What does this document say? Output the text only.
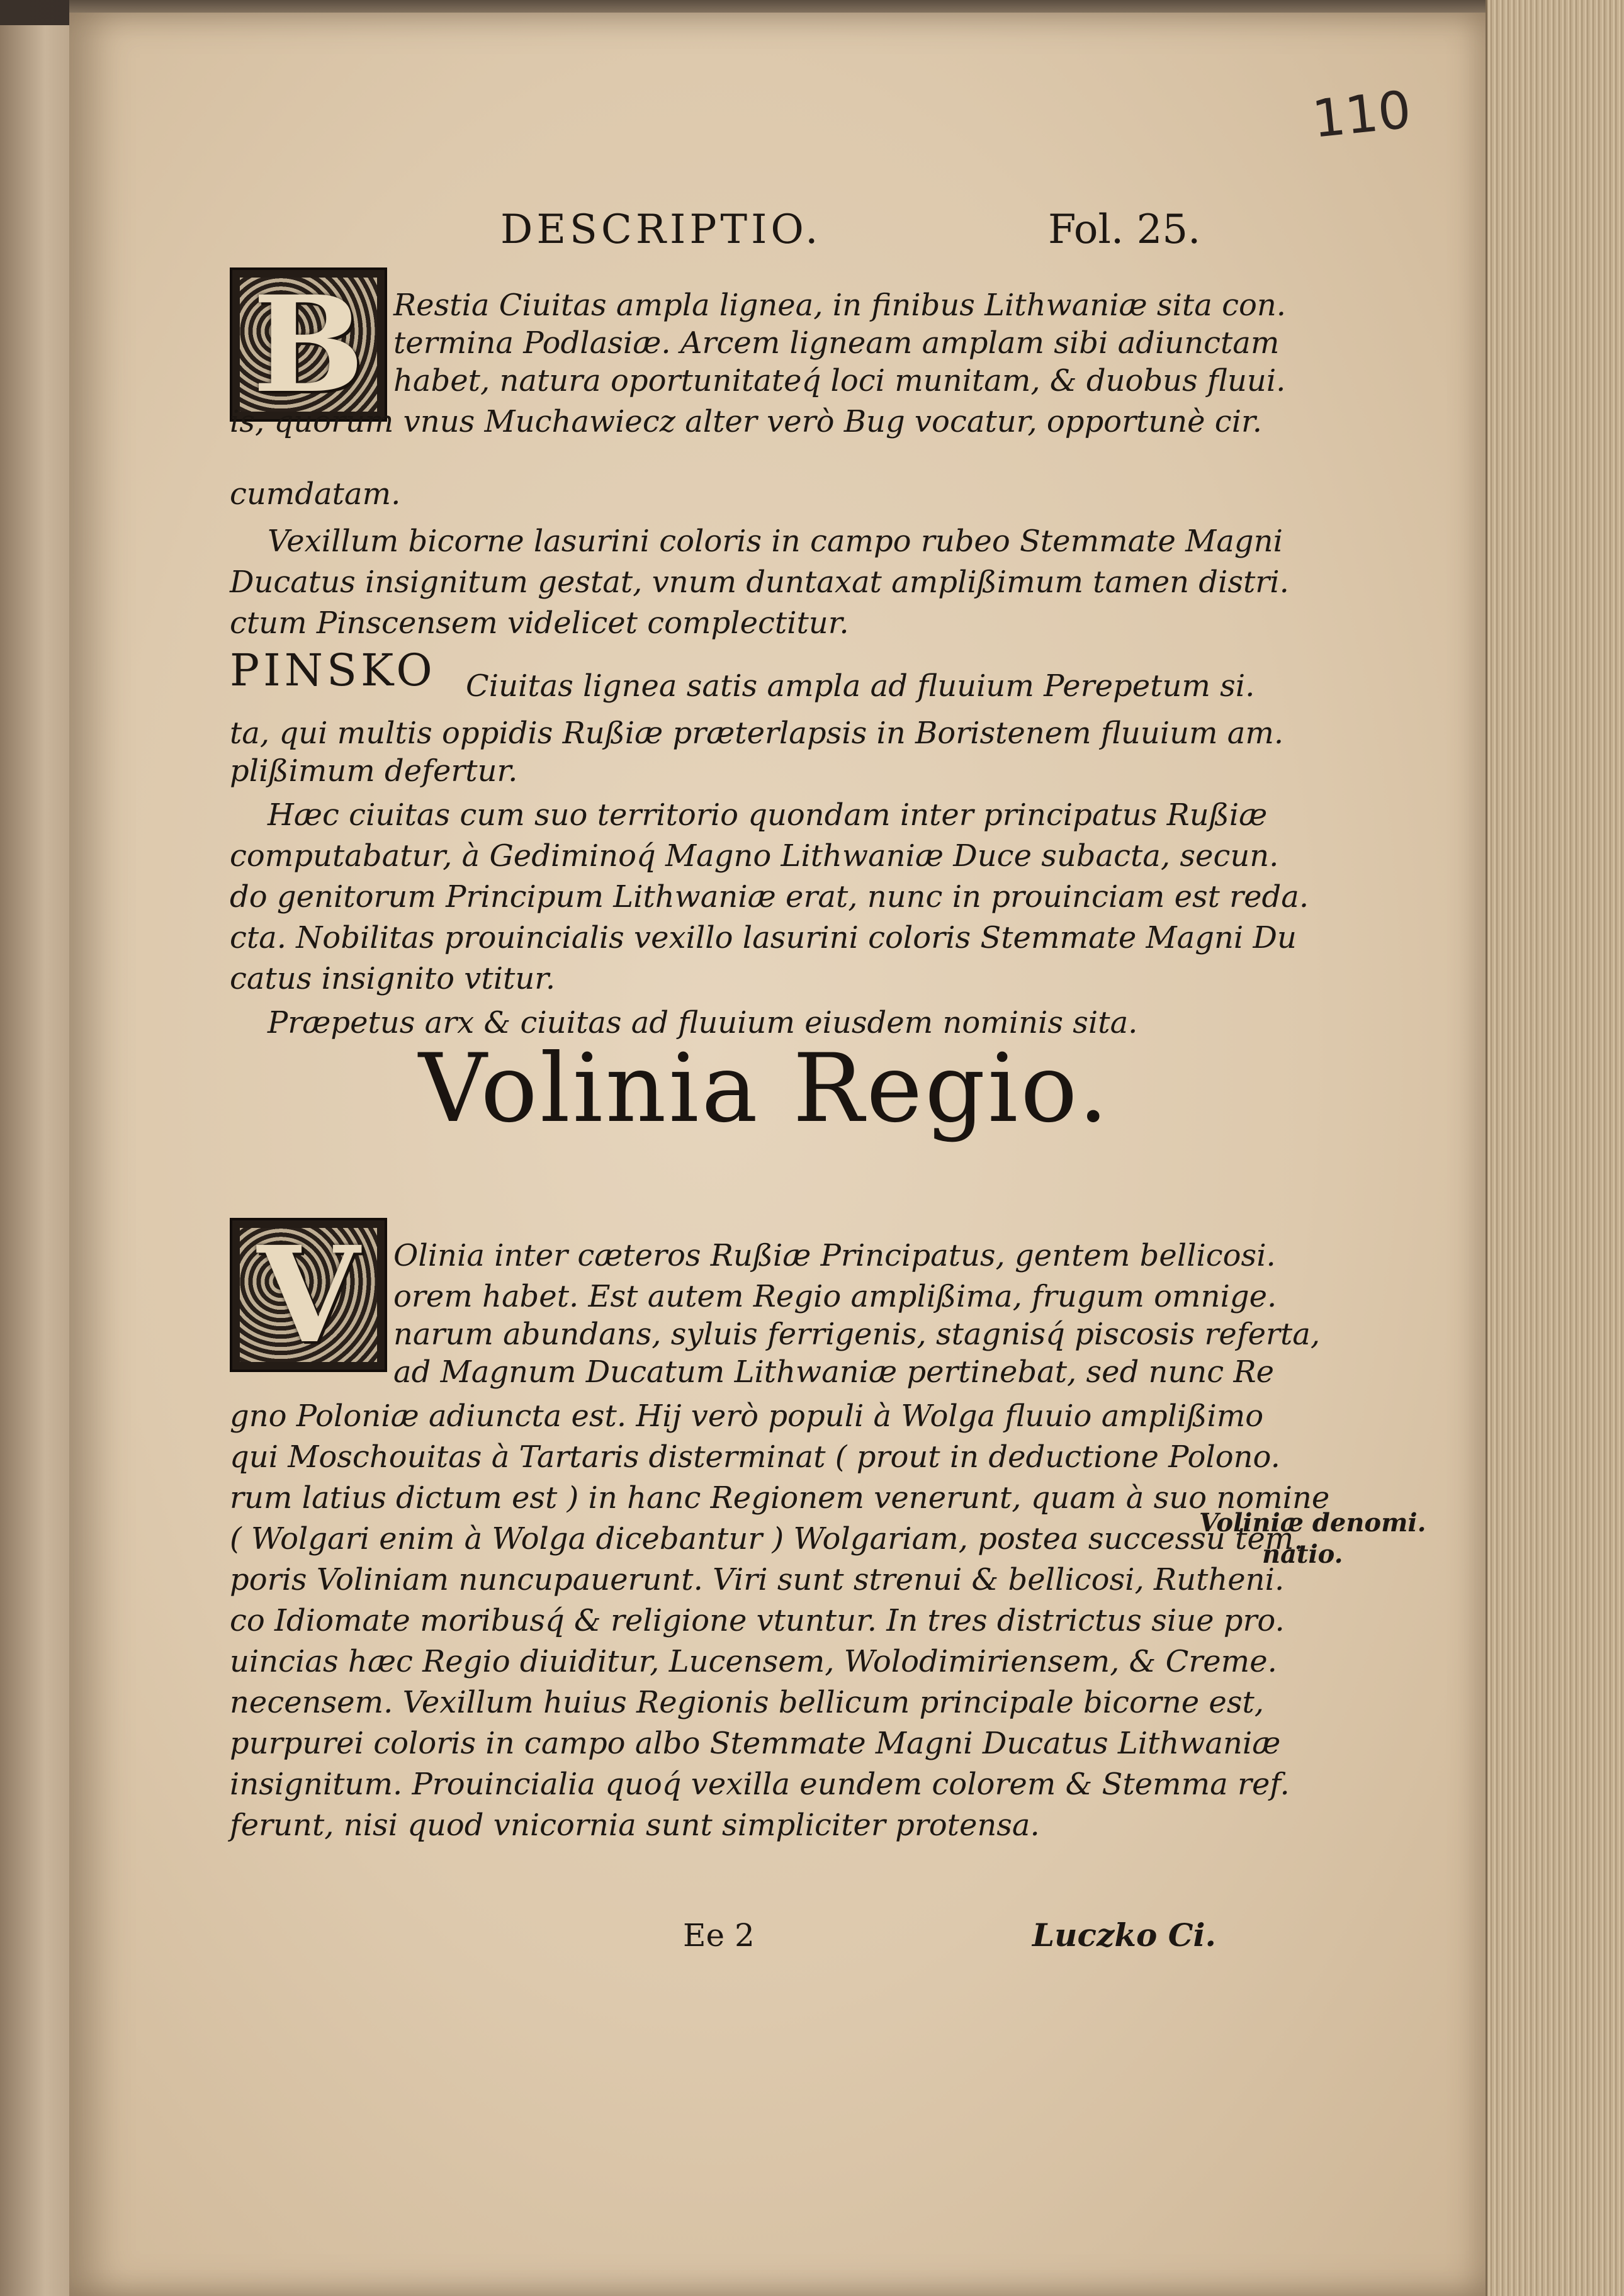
110
DESCRIPTIO.	Fol. 25.
B Restia Ciuitas ampla lignea, in finibus Lithwaniæ sita con.
termina Podlasiæ. Arcem ligneam amplam sibi adiunctam
habet, natura oportunitateq́ loci munitam, & duobus fluui.
is, quorum vnus Muchawiecz alter verò Bug vocatur, opportunè cir.
cumdatam.
Vexillum bicorne lasurini coloris in campo rubeo Stemmate Magni
Ducatus insignitum gestat, vnum duntaxat amplißimum tamen distri.
ctum Pinscensem videlicet complectitur.
PINSKO Ciuitas lignea satis ampla ad fluuium Perepetum si.
ta, qui multis oppidis Rußiæ præterlapsis in Boristenem fluuium am.
plißimum defertur.
Hæc ciuitas cum suo territorio quondam inter principatus Rußiæ
computabatur, à Gediminoq́ Magno Lithwaniæ Duce subacta, secun.
do genitorum Principum Lithwaniæ erat, nunc in prouinciam est reda.
cta. Nobilitas prouincialis vexillo lasurini coloris Stemmate Magni Du
catus insignito vtitur.
Præpetus arx & ciuitas ad fluuium eiusdem nominis sita.
Volinia Regio.
V	Olinia inter cæteros Rußiæ Principatus, gentem bellicosi.
orem habet. Est autem Regio amplißima, frugum omnige.
narum abundans, syluis ferrigenis, stagnisq́ piscosis referta,
ad Magnum Ducatum Lithwaniæ pertinebat, sed nunc Re
gno Poloniæ adiuncta est. Hij verò populi à Wolga fluuio amplißimo
qui Moschouitas à Tartaris disterminat ( prout in deductione Polono.
rum latius dictum est ) in hanc Regionem venerunt, quam à suo nomine
( Wolgari enim à Wolga dicebantur ) Wolgariam, postea successu tem.
poris Voliniam nuncupauerunt. Viri sunt strenui & bellicosi, Rutheni.
co Idiomate moribusq́ & religione vtuntur. In tres districtus siue pro.
uincias hæc Regio diuiditur, Lucensem, Wolodimiriensem, & Creme.
necensem. Vexillum huius Regionis bellicum principale bicorne est,
purpurei coloris in campo albo Stemmate Magni Ducatus Lithwaniæ
insignitum. Prouincialia quoq́ vexilla eundem colorem & Stemma ref.
ferunt, nisi quod vnicornia sunt simpliciter protensa.
Voliniæ denomi.
natio.
Ee 2	Luczko Ci.
